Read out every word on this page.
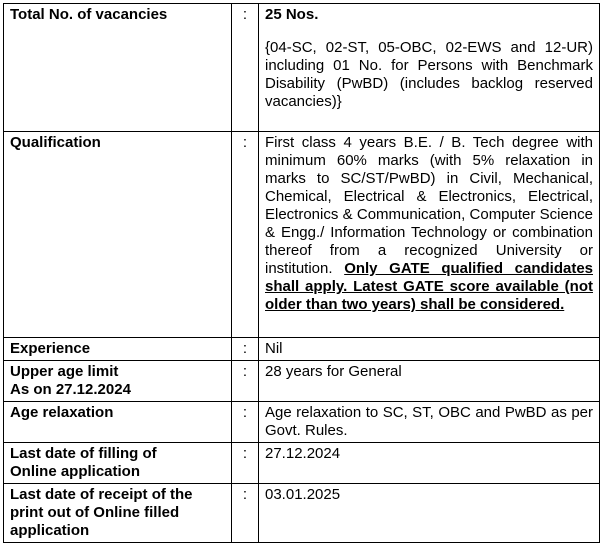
Total No. of vacancies	:	25 Nos.
{04-SC, 02-ST, 05-OBC, 02-EWS and 12-UR) including 01 No. for Persons with Benchmark Disability (PwBD) (includes backlog reserved vacancies)}

Qualification	:	First class 4 years B.E. / B. Tech degree with minimum 60% marks (with 5% relaxation in marks to SC/ST/PwBD) in Civil, Mechanical, Chemical, Electrical & Electronics, Electrical, Electronics & Communication, Computer Science & Engg./ Information Technology or combination thereof from a recognized University or institution. Only GATE qualified candidates shall apply. Latest GATE score available (not older than two years) shall be considered.
Experience	:	Nil

Upper age limit
As on 27.12.2024	:	28 years for General
Age relaxation	:	Age relaxation to SC, ST, OBC and PwBD as per Govt. Rules.

Last date of filling of
Online application	:	27.12.2024

Last date of receipt of the
print out of Online filled
application	:	03.01.2025
